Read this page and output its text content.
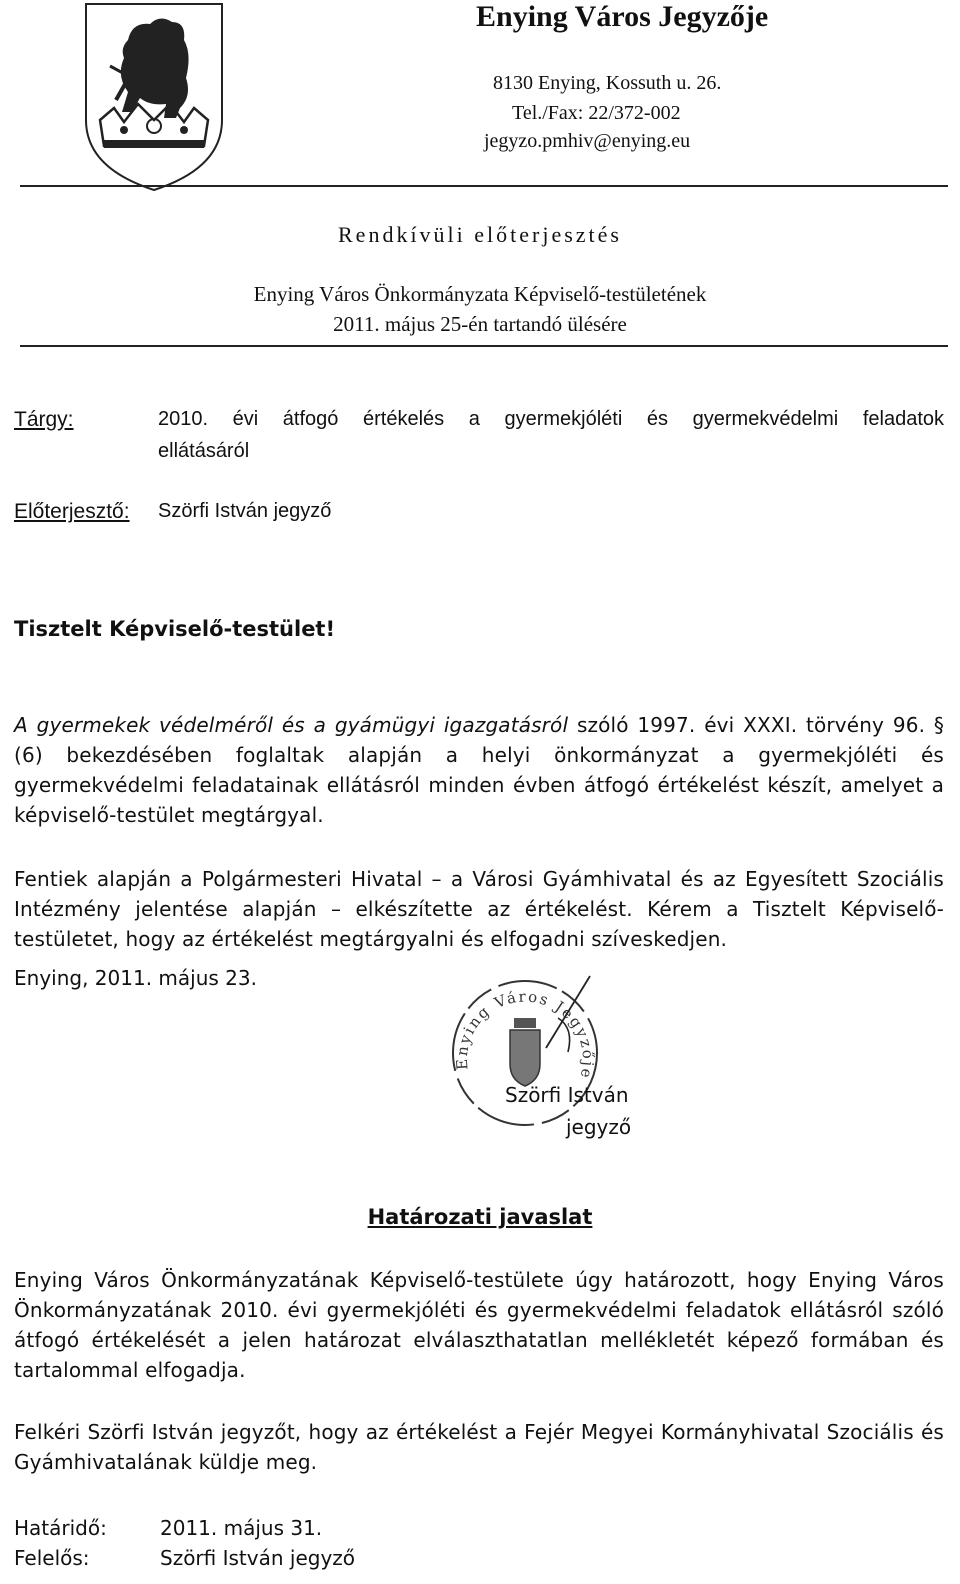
Enying Város Jegyzője
8130 Enying, Kossuth u. 26.
Tel./Fax: 22/372-002
jegyzo.pmhiv@enying.eu
Rendkívüli előterjesztés
Enying Város Önkormányzata Képviselő-testületének
2011. május 25-én tartandó ülésére
Tárgy:	2010. évi átfogó értékelés a gyermekjóléti és gyermekvédelmi feladatok
ellátásáról
Előterjesztő: Szörfi István jegyző
Tisztelt Képviselő-testület!
A gyermekek védelméről és a gyámügyi igazgatásról szóló 1997. évi XXXI. törvény 96. § (6) bekezdésében foglaltak alapján a helyi önkormányzat a gyermekjóléti és gyermekvédelmi feladatainak ellátásról minden évben átfogó értékelést készít, amelyet a képviselő-testület megtárgyal.
Fentiek alapján a Polgármesteri Hivatal – a Városi Gyámhivatal és az Egyesített Szociális Intézmény jelentése alapján – elkészítette az értékelést. Kérem a Tisztelt Képviselő-testületet, hogy az értékelést megtárgyalni és elfogadni szíveskedjen.
Enying, 2011. május 23.
Enying Város Jegyzője
Szörfi István
jegyző
Határozati javaslat
Enying Város Önkormányzatának Képviselő-testülete úgy határozott, hogy Enying Város Önkormányzatának 2010. évi gyermekjóléti és gyermekvédelmi feladatok ellátásról szóló átfogó értékelését a jelen határozat elválaszthatatlan mellékletét képező formában és tartalommal elfogadja.
Felkéri Szörfi István jegyzőt, hogy az értékelést a Fejér Megyei Kormányhivatal Szociális és Gyámhivatalának küldje meg.
Határidő:	2011. május 31.
Felelős:	Szörfi István jegyző
